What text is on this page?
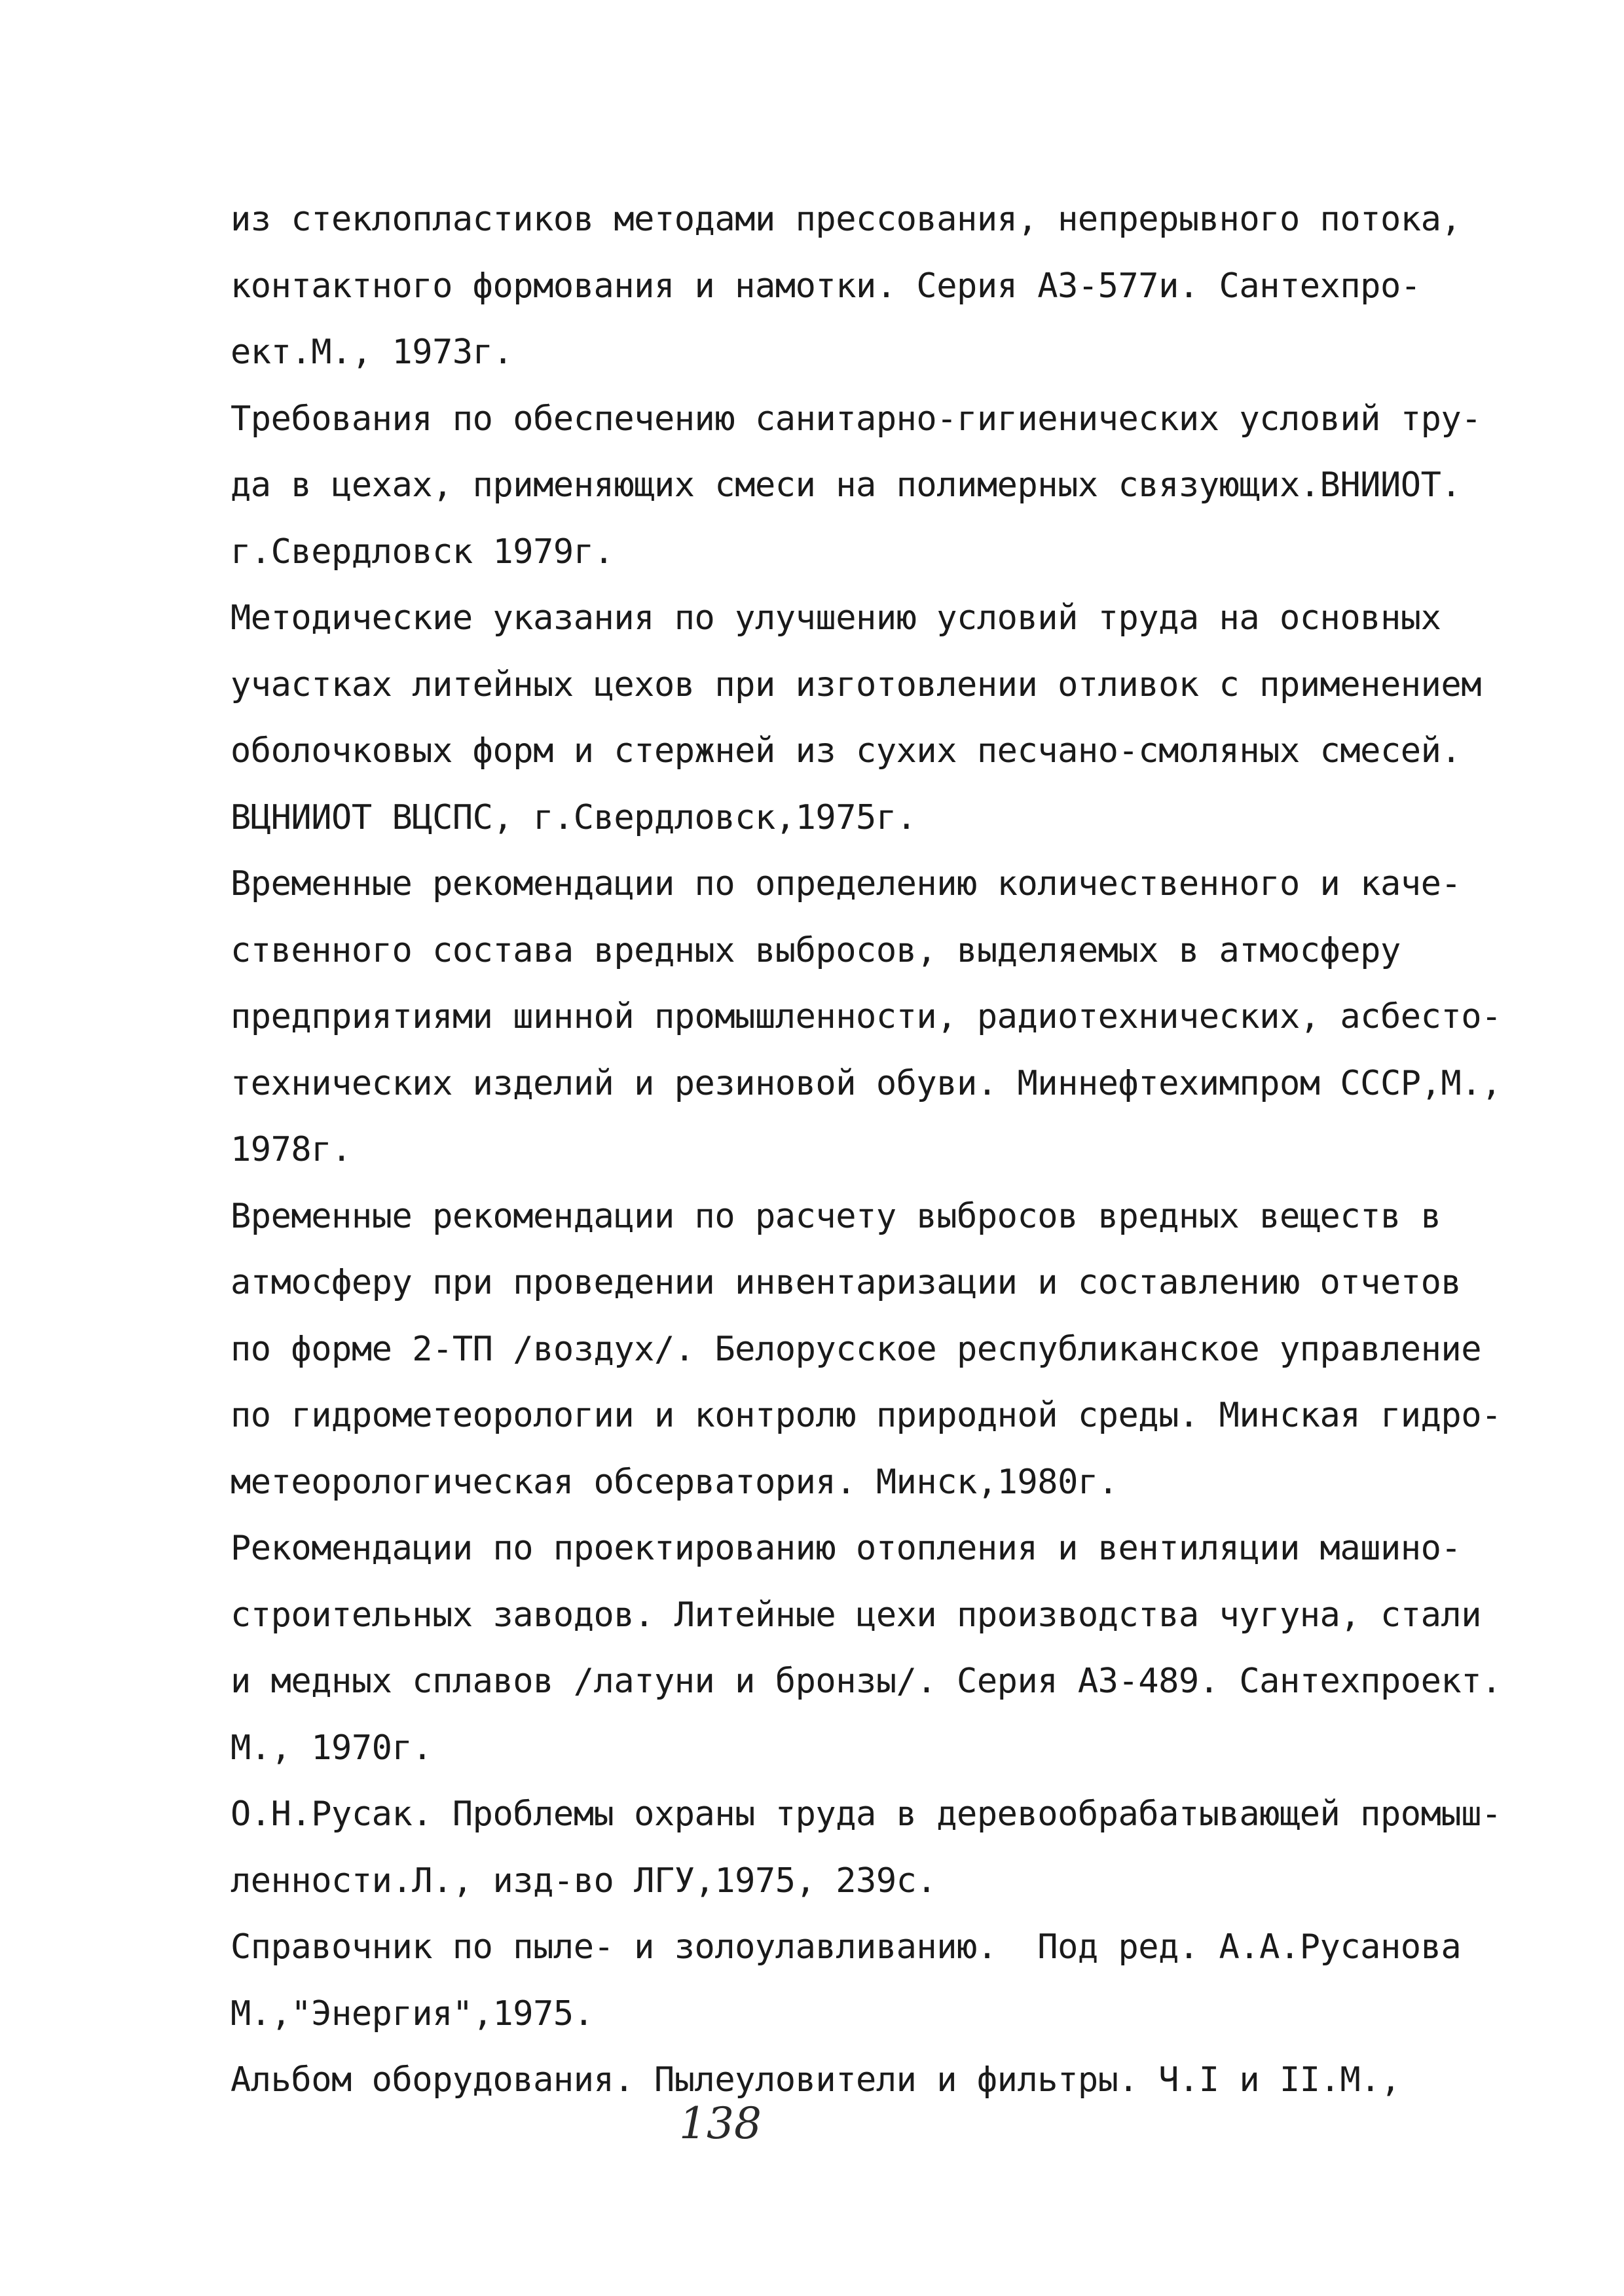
из стеклопластиков методами прессования, непрерывного потока,
контактного формования и намотки. Серия АЗ-577и. Сантехпро-
ект.М., 1973г.
Требования по обеспечению санитарно-гигиенических условий тру-
да в цехах, применяющих смеси на полимерных связующих.ВНИИОТ.
г.Свердловск 1979г.
Методические указания по улучшению условий труда на основных
участках литейных цехов при изготовлении отливок с применением
оболочковых форм и стержней из сухих песчано-смоляных смесей.
ВЦНИИОТ ВЦСПС, г.Свердловск,1975г.
Временные рекомендации по определению количественного и каче-
ственного состава вредных выбросов, выделяемых в атмосферу
предприятиями шинной промышленности, радиотехнических, асбесто-
технических изделий и резиновой обуви. Миннефтехимпром СССР,М.,
1978г.
Временные рекомендации по расчету выбросов вредных веществ в
атмосферу при проведении инвентаризации и составлению отчетов
по форме 2-ТП /воздух/. Белорусское республиканское управление
по гидрометеорологии и контролю природной среды. Минская гидро-
метеорологическая обсерватория. Минск,1980г.
Рекомендации по проектированию отопления и вентиляции машино-
строительных заводов. Литейные цехи производства чугуна, стали
и медных сплавов /латуни и бронзы/. Серия АЗ-489. Сантехпроект.
М., 1970г.
О.Н.Русак. Проблемы охраны труда в деревообрабатывающей промыш-
ленности.Л., изд-во ЛГУ,1975, 239с.
Справочник по пыле- и золоулавливанию.  Под ред. А.А.Русанова
М.,"Энергия",1975.
Альбом оборудования. Пылеуловители и фильтры. Ч.I и II.М.,
138
